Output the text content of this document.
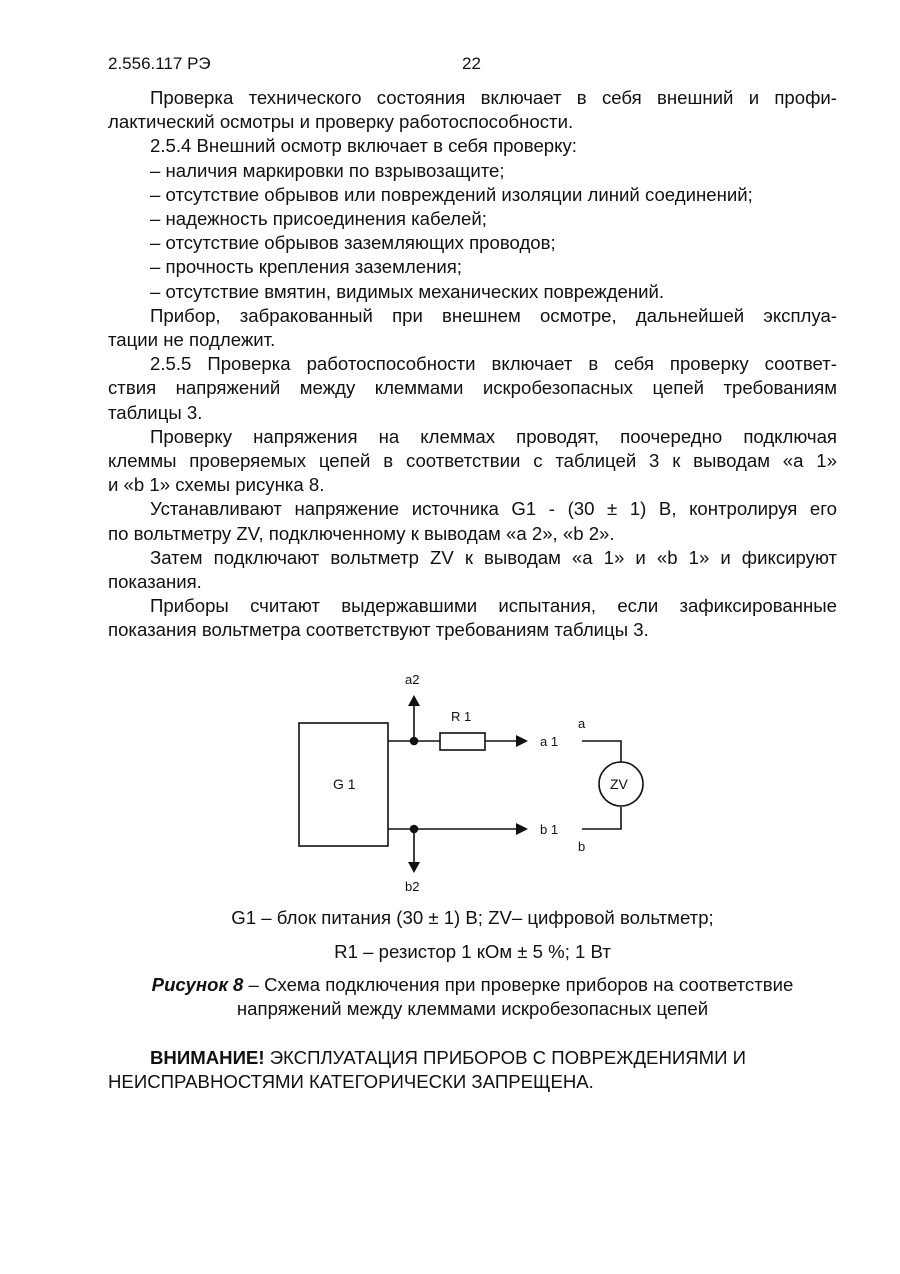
2.556.117 РЭ	22
Проверка технического состояния включает в себя внешний и профи-
лактический осмотры и проверку работоспособности.
2.5.4 Внешний осмотр включает в себя проверку:
– наличия маркировки по взрывозащите;
– отсутствие обрывов или повреждений изоляции линий соединений;
– надежность присоединения кабелей;
– отсутствие обрывов заземляющих проводов;
– прочность крепления заземления;
– отсутствие вмятин, видимых механических повреждений.
Прибор, забракованный при внешнем осмотре, дальнейшей эксплуа-
тации не подлежит.
2.5.5 Проверка работоспособности включает в себя проверку соответ-
ствия напряжений между клеммами искробезопасных цепей требованиям
таблицы 3.
Проверку напряжения на клеммах проводят, поочередно подключая
клеммы проверяемых цепей в соответствии с таблицей 3 к выводам «а 1»
и «b 1» схемы рисунка 8.
Устанавливают напряжение источника G1 - (30 ± 1) В, контролируя его
по вольтметру ZV, подключенному к выводам «а 2», «b 2».
Затем подключают вольтметр ZV к выводам «а 1» и «b 1» и фиксируют
показания.
Приборы считают выдержавшими испытания, если зафиксированные
показания вольтметра соответствуют требованиям таблицы 3.
G 1
a2
R 1
a 1
b2
b 1
ZV
a
b
G1 – блок питания (30 ± 1) В; ZV– цифровой вольтметр;
R1 – резистор 1 кОм ± 5 %; 1 Вт
Рисунок 8 – Схема подключения при проверке приборов на соответствие
напряжений между клеммами искробезопасных цепей
ВНИМАНИЕ! ЭКСПЛУАТАЦИЯ ПРИБОРОВ С ПОВРЕЖДЕНИЯМИ И
НЕИСПРАВНОСТЯМИ КАТЕГОРИЧЕСКИ ЗАПРЕЩЕНА.
